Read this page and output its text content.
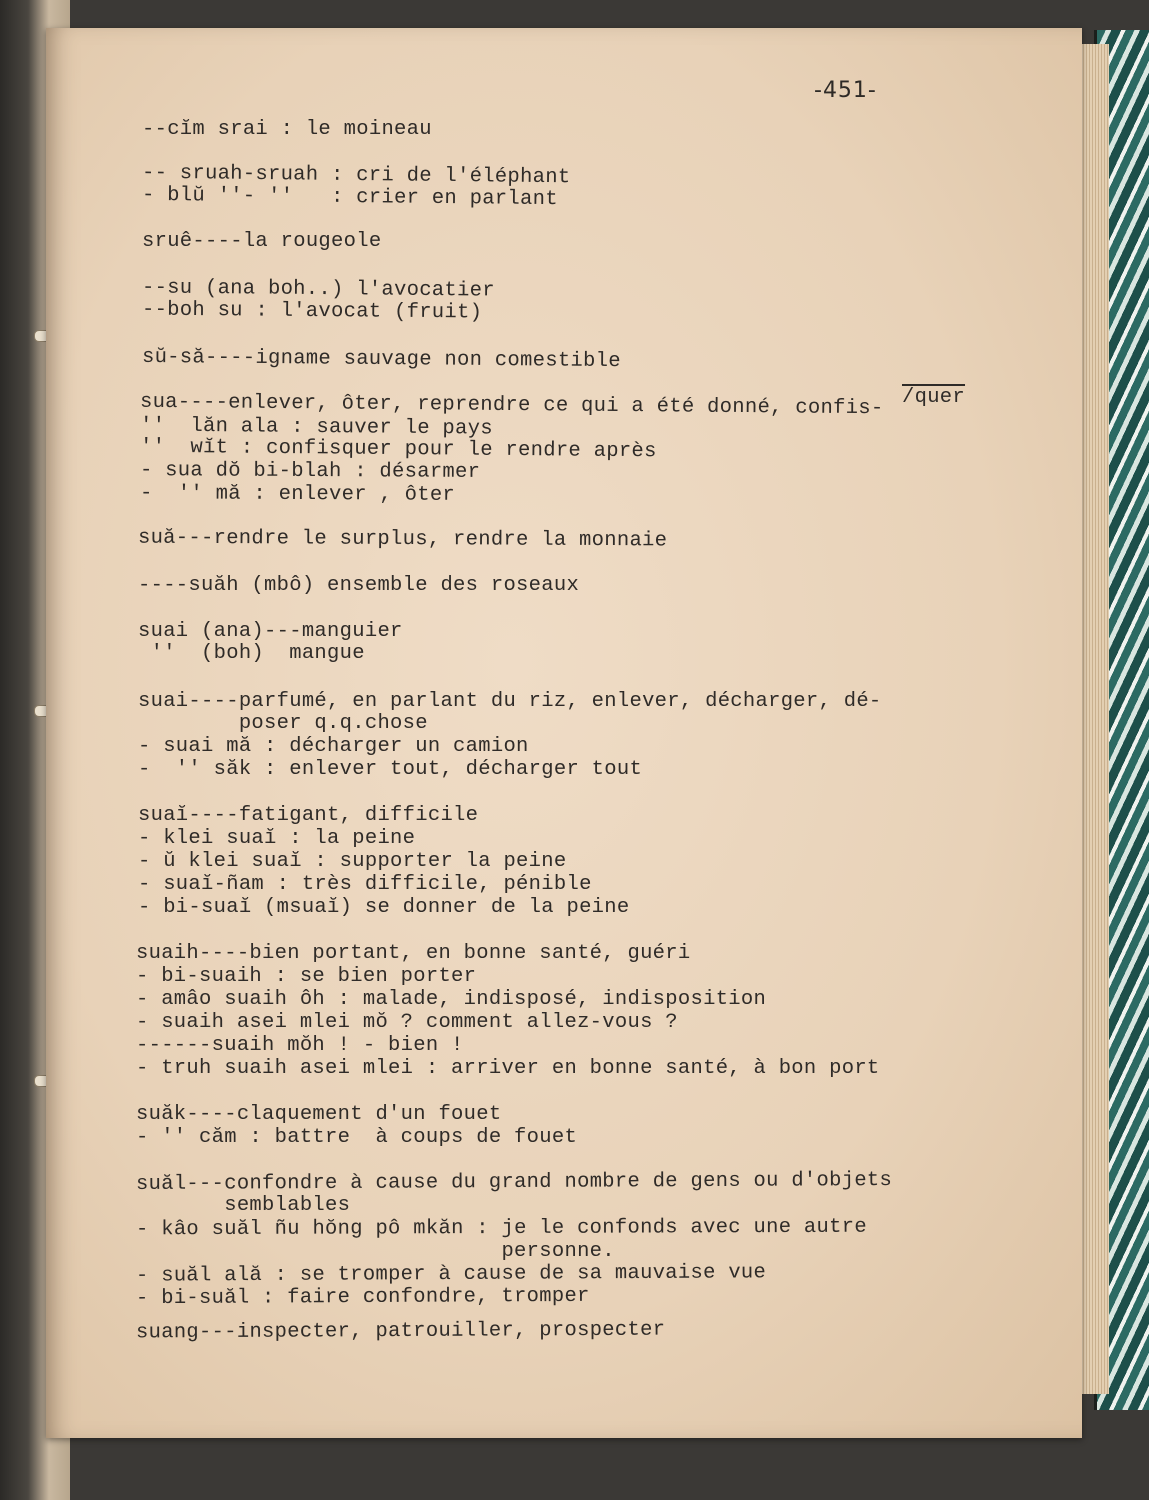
-451-

--cĭm srai : le moineau

-- sruah-sruah : cri de l'éléphant

- blŭ ''- ''   : crier en parlant

sruê----la rougeole

--su (ana boh..) l'avocatier

--boh su : l'avocat (fruit)

sŭ-să----igname sauvage non comestible

/quer

sua----enlever, ôter, reprendre ce qui a été donné, confis-

''  lăn ala : sauver le pays

''  wĭt : confisquer pour le rendre après

- sua dŏ bi-blah : désarmer

-  '' mă : enlever , ôter

suă---rendre le surplus, rendre la monnaie

----suăh (mbô) ensemble des roseaux

suai (ana)---manguier

''  (boh)  mangue

suai----parfumé, en parlant du riz, enlever, décharger, dé-

poser q.q.chose

- suai mă : décharger un camion

-  '' săk : enlever tout, décharger tout

suaĭ----fatigant, difficile

- klei suaĭ : la peine

- ŭ klei suaĭ : supporter la peine

- suaĭ-ñam : très difficile, pénible

- bi-suaĭ (msuaĭ) se donner de la peine

suaih----bien portant, en bonne santé, guéri

- bi-suaih : se bien porter

- amâo suaih ôh : malade, indisposé, indisposition

- suaih asei mlei mŏ ? comment allez-vous ?

------suaih mŏh ! - bien !

- truh suaih asei mlei : arriver en bonne santé, à bon port

suăk----claquement d'un fouet

- '' căm : battre  à coups de fouet

suăl---confondre à cause du grand nombre de gens ou d'objets

semblables

- kâo suăl ñu hŏng pô mkăn : je le confonds avec une autre

personne.

- suăl ală : se tromper à cause de sa mauvaise vue

- bi-suăl : faire confondre, tromper

suang---inspecter, patrouiller, prospecter
